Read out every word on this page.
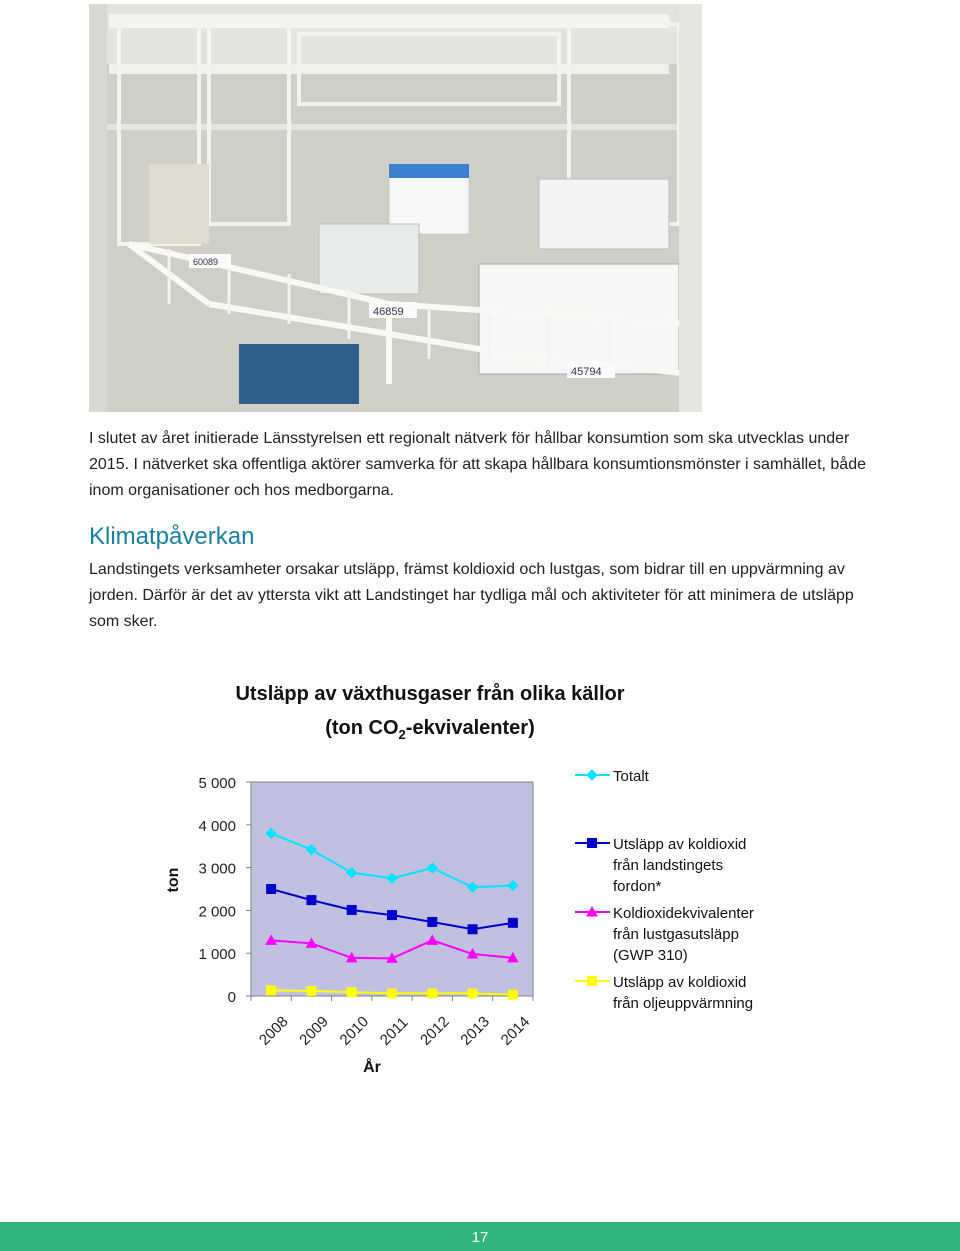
46859
45794
60089
I slutet av året initierade Länsstyrelsen ett regionalt nätverk för hållbar konsumtion som ska utvecklas under 2015. I nätverket ska offentliga aktörer samverka för att skapa hållbara konsumtionsmönster i samhället, både inom organisationer och hos medborgarna.
Klimatpåverkan
Landstingets verksamheter orsakar utsläpp, främst koldioxid och lustgas, som bidrar till en uppvärmning av jorden. Därför är det av yttersta vikt att Landstinget har tydliga mål och aktiviteter för att minimera de utsläpp som sker.
Utsläpp av växthusgaser från olika källor
(ton $CO_2-ekvivalenter$)
0
1 000
2 000
3 000
4 000
5 000
2008 2009 2010 2011 2012 2013 2014
ton
År
Totalt
Utsläpp av koldioxid
från landstingets
fordon*
Koldioxidekvivalenter
från lustgasutsläpp
(GWP 310)
Utsläpp av koldioxid
från oljeuppvärmning
17
